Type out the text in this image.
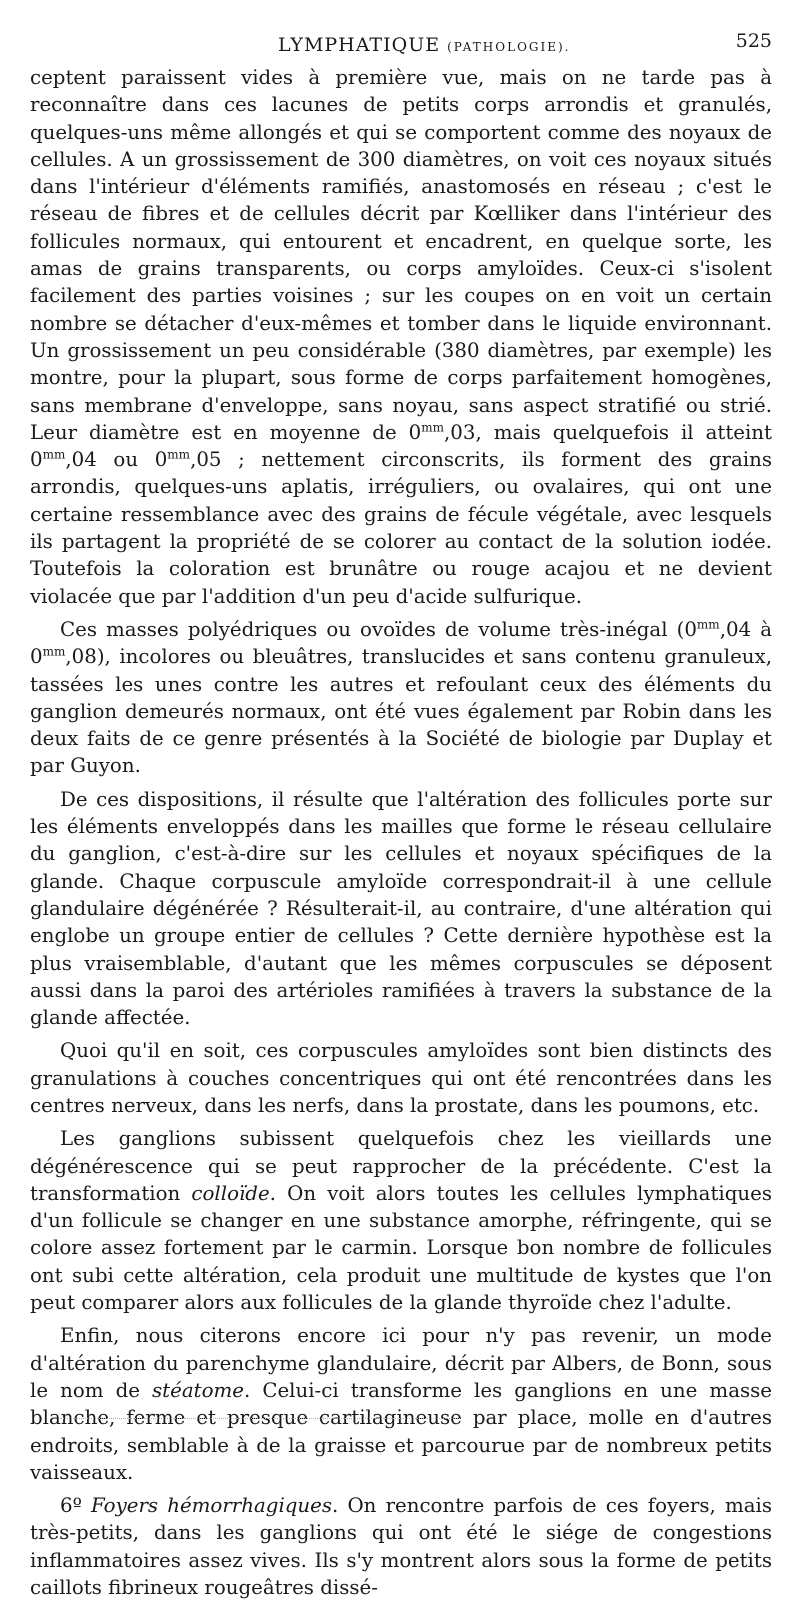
LYMPHATIQUE (PATHOLOGIE).	525

ceptent paraissent vides à première vue, mais on ne tarde pas à reconnaître dans ces lacunes de petits corps arrondis et granulés, quelques-uns même allongés et qui se comportent comme des noyaux de cellules. A un grossissement de 300 diamètres, on voit ces noyaux situés dans l'intérieur d'éléments ramifiés, anastomosés en réseau ; c'est le réseau de fibres et de cellules décrit par Kœlliker dans l'intérieur des follicules normaux, qui entourent et encadrent, en quelque sorte, les amas de grains transparents, ou corps amyloïdes. Ceux-ci s'isolent facilement des parties voisines ; sur les coupes on en voit un certain nombre se détacher d'eux-mêmes et tomber dans le liquide environnant. Un grossissement un peu considérable (380 diamètres, par exemple) les montre, pour la plupart, sous forme de corps parfaitement homogènes, sans membrane d'enveloppe, sans noyau, sans aspect stratifié ou strié. Leur diamètre est en moyenne de 0$^{mm}$,03, mais quelquefois il atteint 0$^{mm}$,04 ou 0$^{mm}$,05 ; nettement circonscrits, ils forment des grains arrondis, quelques-uns aplatis, irréguliers, ou ovalaires, qui ont une certaine ressemblance avec des grains de fécule végétale, avec lesquels ils partagent la propriété de se colorer au contact de la solution iodée. Toutefois la coloration est brunâtre ou rouge acajou et ne devient violacée que par l'addition d'un peu d'acide sulfurique.

Ces masses polyédriques ou ovoïdes de volume très-inégal (0$^{mm}$,04 à 0$^{mm}$,08), incolores ou bleuâtres, translucides et sans contenu granuleux, tassées les unes contre les autres et refoulant ceux des éléments du ganglion demeurés normaux, ont été vues également par Robin dans les deux faits de ce genre présentés à la Société de biologie par Duplay et par Guyon.

De ces dispositions, il résulte que l'altération des follicules porte sur les éléments enveloppés dans les mailles que forme le réseau cellulaire du ganglion, c'est-à-dire sur les cellules et noyaux spécifiques de la glande. Chaque corpuscule amyloïde correspondrait-il à une cellule glandulaire dégénérée ? Résulterait-il, au contraire, d'une altération qui englobe un groupe entier de cellules ? Cette dernière hypothèse est la plus vraisemblable, d'autant que les mêmes corpuscules se déposent aussi dans la paroi des artérioles ramifiées à travers la substance de la glande affectée.

Quoi qu'il en soit, ces corpuscules amyloïdes sont bien distincts des granulations à couches concentriques qui ont été rencontrées dans les centres nerveux, dans les nerfs, dans la prostate, dans les poumons, etc.

Les ganglions subissent quelquefois chez les vieillards une dégénérescence qui se peut rapprocher de la précédente. C'est la transformation colloïde. On voit alors toutes les cellules lymphatiques d'un follicule se changer en une substance amorphe, réfringente, qui se colore assez fortement par le carmin. Lorsque bon nombre de follicules ont subi cette altération, cela produit une multitude de kystes que l'on peut comparer alors aux follicules de la glande thyroïde chez l'adulte.

Enfin, nous citerons encore ici pour n'y pas revenir, un mode d'altération du parenchyme glandulaire, décrit par Albers, de Bonn, sous le nom de stéatome. Celui-ci transforme les ganglions en une masse blanche, ferme et presque cartilagineuse par place, molle en d'autres endroits, semblable à de la graisse et parcourue par de nombreux petits vaisseaux.

6º Foyers hémorrhagiques. On rencontre parfois de ces foyers, mais très-petits, dans les ganglions qui ont été le siége de congestions inflammatoires assez vives. Ils s'y montrent alors sous la forme de petits caillots fibrineux rougeâtres dissé-
